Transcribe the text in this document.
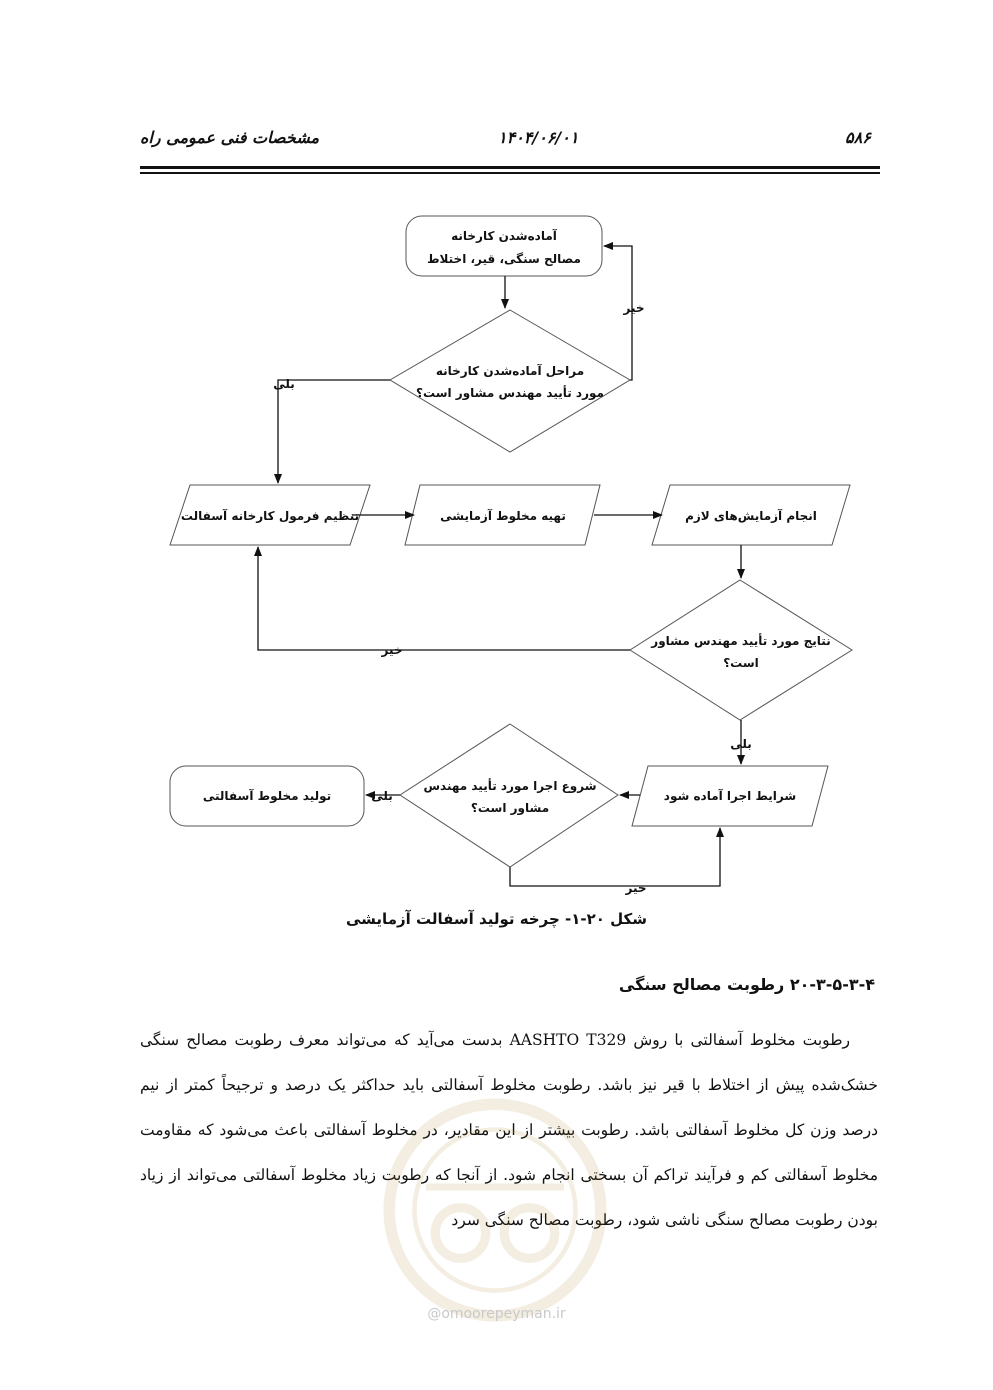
۵۸۶
۱۴۰۴/۰۶/۰۱
مشخصات فنی عمومی راه
آماده‌شدن کارخانه
مصالح سنگی، قیر، اختلاط
مراحل آماده‌شدن کارخانه
مورد تأیید مهندس مشاور است؟
تنظیم فرمول کارخانه آسفالت	تهیه مخلوط آزمایشی	انجام آزمایش‌های لازم
نتایج مورد تأیید مهندس مشاور
است؟
شرایط اجرا آماده شود
شروع اجرا مورد تأیید مهندس
مشاور است؟
تولید مخلوط آسفالتی
خیر
بلی
خیر
بلی
بلی
خیر
شکل ۲۰-۱- چرخه تولید آسفالت آزمایشی
۲۰-۳-۵-۳-۴ رطوبت مصالح سنگی

رطوبت مخلوط آسفالتی با روش AASHTO T329 بدست می‌آید که می‌تواند معرف رطوبت مصالح سنگی خشک‌شده پیش از اختلاط با قیر نیز باشد. رطوبت مخلوط آسفالتی باید حداکثر یک درصد و ترجیحاً کمتر از نیم درصد وزن کل مخلوط آسفالتی باشد. رطوبت بیشتر از این مقادیر، در مخلوط آسفالتی باعث می‌شود که مقاومت مخلوط آسفالتی کم و فرآیند تراکم آن بسختی انجام شود. از آنجا که رطوبت زیاد مخلوط آسفالتی می‌تواند از زیاد بودن رطوبت مصالح سنگی ناشی شود، رطوبت مصالح سنگی سرد

@omoorepeyman.ir
